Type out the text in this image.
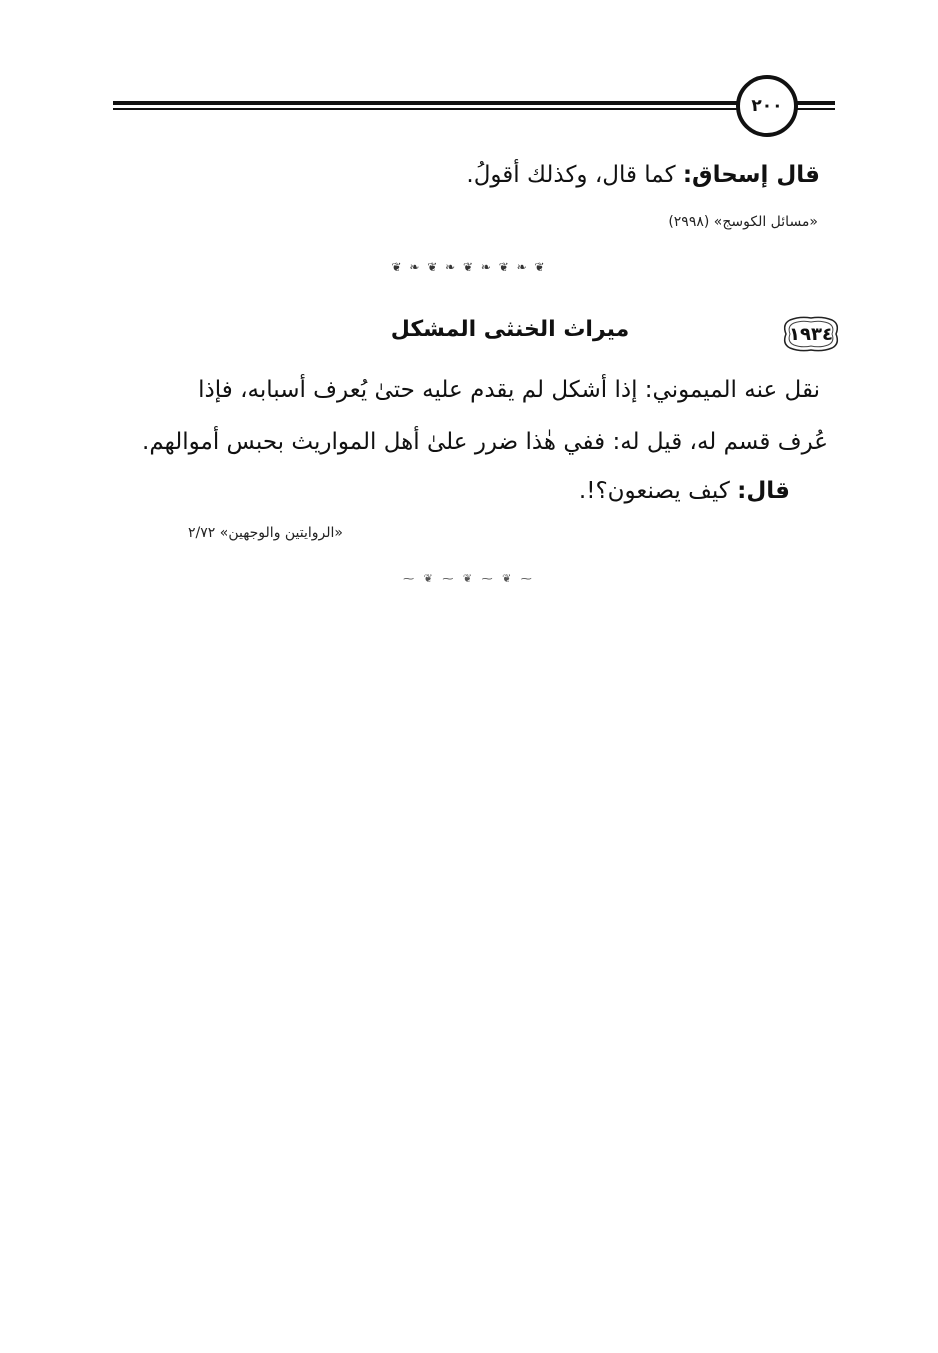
٢٠٠
قال إسحاق: كما قال، وكذلك أقولُ.
«مسائل الكوسج» (٢٩٩٨)
❦ ❧ ❦ ❧ ❦ ❧ ❦ ❧ ❦
١٩٣٤
ميراث الخنثى المشكل
نقل عنه الميموني: إذا أشكل لم يقدم عليه حتىٰ يُعرف أسبابه، فإذا
عُرف قسم له، قيل له: ففي هٰذا ضرر علىٰ أهل المواريث بحبس أموالهم.
قال: كيف يصنعون؟!.
«الروايتين والوجهين» ٢/٧٢
⁓ ❦ ⁓ ❦ ⁓ ❦ ⁓
